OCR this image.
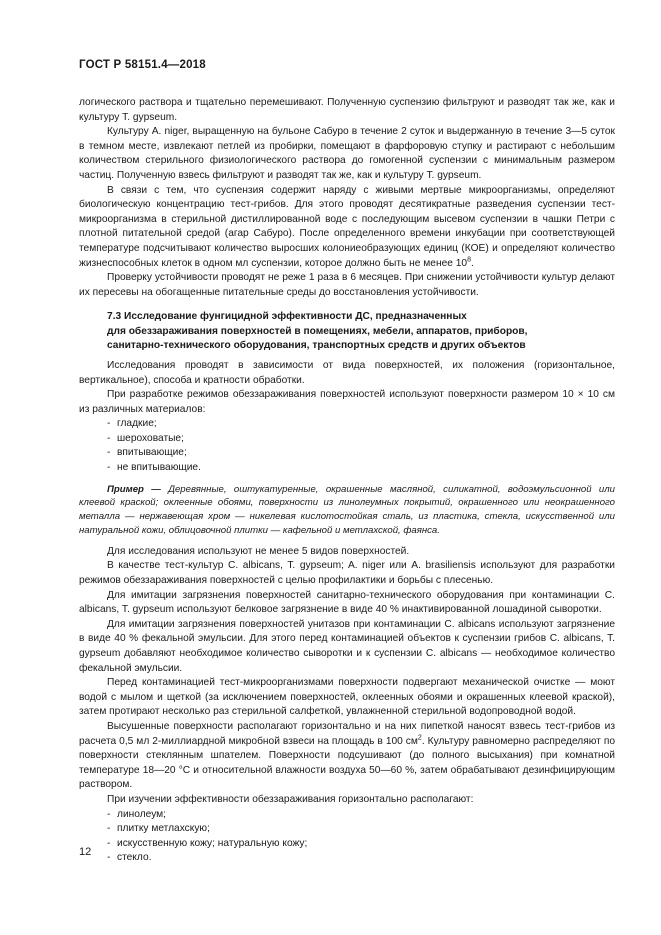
ГОСТ Р 58151.4—2018

логического раствора и тщательно перемешивают. Полученную суспензию фильтруют и разводят так же, как и культуру T. gypseum.

Культуру A. niger, выращенную на бульоне Сабуро в течение 2 суток и выдержанную в течение 3—5 суток в темном месте, извлекают петлей из пробирки, помещают в фарфоровую ступку и растирают с небольшим количеством стерильного физиологического раствора до гомогенной суспензии с минимальным размером частиц. Полученную взвесь фильтруют и разводят так же, как и культуру T. gypseum.

В связи с тем, что суспензия содержит наряду с живыми мертвые микроорганизмы, определяют биологическую концентрацию тест-грибов. Для этого проводят десятикратные разведения суспензии тест-микроорганизма в стерильной дистиллированной воде с последующим высевом суспензии в чашки Петри с плотной питательной средой (агар Сабуро). После определенного времени инкубации при соответствующей температуре подсчитывают количество выросших колониеобразующих единиц (КОЕ) и определяют количество жизнеспособных клеток в одном мл суспензии, которое должно быть не менее $10^8$.

Проверку устойчивости проводят не реже 1 раза в 6 месяцев. При снижении устойчивости культур делают их пересевы на обогащенные питательные среды до восстановления устойчивости.

7.3 Исследование фунгицидной эффективности ДС, предназначенных
для обеззараживания поверхностей в помещениях, мебели, аппаратов, приборов,
санитарно-технического оборудования, транспортных средств и других объектов

Исследования проводят в зависимости от вида поверхностей, их положения (горизонтальное, вертикальное), способа и кратности обработки.

При разработке режимов обеззараживания поверхностей используют поверхности размером 10 × 10 см из различных материалов:

- гладкие;
- шероховатые;
- впитывающие;
- не впитывающие.

Пример — Деревянные, оштукатуренные, окрашенные масляной, силикатной, водоэмульсионной или клеевой краской; оклеенные обоями, поверхности из линолеумных покрытий, окрашенного или неокрашенного металла — нержавеющая хром — никелевая кислотостойкая сталь, из пластика, стекла, искусственной или натуральной кожи, облицовочной плитки — кафельной и метлахской, фаянса.

Для исследования используют не менее 5 видов поверхностей.

В качестве тест-культур C. albicans, T. gypseum; A. niger или A. brasiliensis используют для разработки режимов обеззараживания поверхностей с целью профилактики и борьбы с плесенью.

Для имитации загрязнения поверхностей санитарно-технического оборудования при контаминации C. albicans, T. gypseum используют белковое загрязнение в виде 40 % инактивированной лошадиной сыворотки.

Для имитации загрязнения поверхностей унитазов при контаминации C. albicans используют загрязнение в виде 40 % фекальной эмульсии. Для этого перед контаминацией объектов к суспензии грибов C. albicans, T. gypseum добавляют необходимое количество сыворотки и к суспензии C. albicans — необходимое количество фекальной эмульсии.

Перед контаминацией тест-микроорганизмами поверхности подвергают механической очистке — моют водой с мылом и щеткой (за исключением поверхностей, оклеенных обоями и окрашенных клеевой краской), затем протирают несколько раз стерильной салфеткой, увлажненной стерильной водопроводной водой.

Высушенные поверхности располагают горизонтально и на них пипеткой наносят взвесь тест-грибов из расчета 0,5 мл 2-миллиардной микробной взвеси на площадь в 100 $см^2$. Культуру равномерно распределяют по поверхности стеклянным шпателем. Поверхности подсушивают (до полного высыхания) при комнатной температуре 18—20 °C и относительной влажности воздуха 50—60 %, затем обрабатывают дезинфицирующим раствором.

При изучении эффективности обеззараживания горизонтально располагают:

- линолеум;
- плитку метлахскую;
- искусственную кожу; натуральную кожу;
- стекло.
12
